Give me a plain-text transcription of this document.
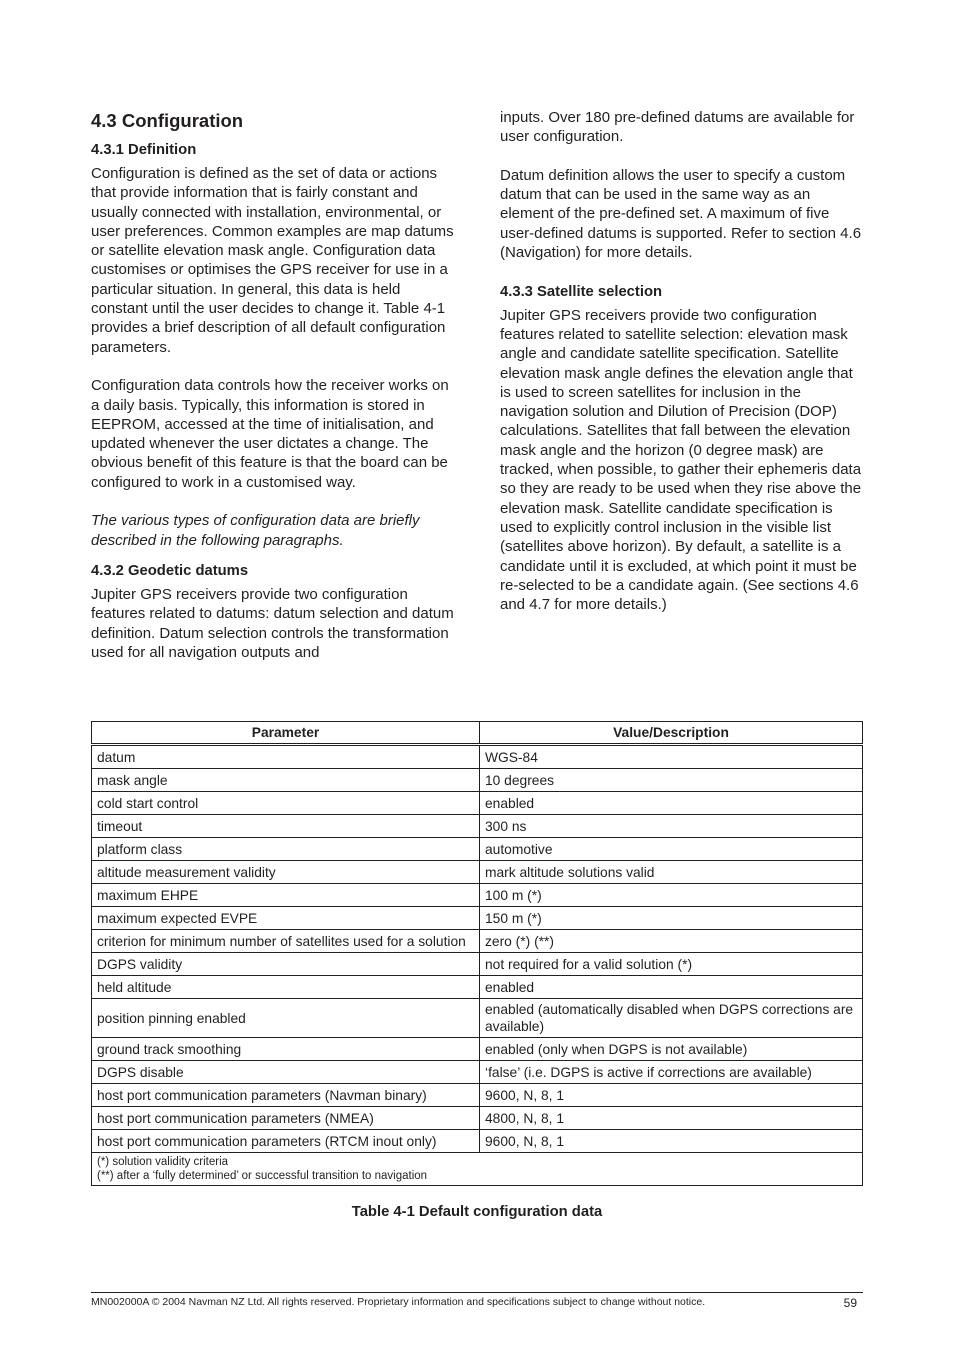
4.3 Configuration
4.3.1 Definition

Configuration is defined as the set of data or actions that provide information that is fairly constant and usually connected with installation, environmental, or user preferences. Common examples are map datums or satellite elevation mask angle. Configuration data customises or optimises the GPS receiver for use in a particular situation. In general, this data is held constant until the user decides to change it. Table 4-1 provides a brief description of all default configuration parameters.

Configuration data controls how the receiver works on a daily basis. Typically, this information is stored in EEPROM, accessed at the time of initialisation, and updated whenever the user dictates a change. The obvious benefit of this feature is that the board can be configured to work in a customised way.

The various types of configuration data are briefly described in the following paragraphs.

4.3.2 Geodetic datums

Jupiter GPS receivers provide two configuration features related to datums: datum selection and datum definition. Datum selection controls the transformation used for all navigation outputs and

inputs. Over 180 pre-defined datums are available for user configuration.

Datum definition allows the user to specify a custom datum that can be used in the same way as an element of the pre-defined set. A maximum of five user-defined datums is supported. Refer to section 4.6 (Navigation) for more details.

4.3.3 Satellite selection

Jupiter GPS receivers provide two configuration features related to satellite selection: elevation mask angle and candidate satellite specification. Satellite elevation mask angle defines the elevation angle that is used to screen satellites for inclusion in the navigation solution and Dilution of Precision (DOP) calculations. Satellites that fall between the elevation mask angle and the horizon (0 degree mask) are tracked, when possible, to gather their ephemeris data so they are ready to be used when they rise above the elevation mask. Satellite candidate specification is used to explicitly control inclusion in the visible list (satellites above horizon). By default, a satellite is a candidate until it is excluded, at which point it must be re-selected to be a candidate again. (See sections 4.6 and 4.7 for more details.)

Parameter	Value/Description
datum	WGS-84
mask angle	10 degrees
cold start control	enabled
timeout	300 ns
platform class	automotive
altitude measurement validity	mark altitude solutions valid
maximum EHPE	100 m (*)
maximum expected EVPE	150 m (*)
criterion for minimum number of satellites used for a solution	zero (*) (**)
DGPS validity	not required for a valid solution (*)
held altitude	enabled
position pinning enabled	enabled (automatically disabled when DGPS corrections are available)
ground track smoothing	enabled (only when DGPS is not available)
DGPS disable	‘false’ (i.e. DGPS is active if corrections are available)
host port communication parameters (Navman binary)	9600, N, 8, 1
host port communication parameters (NMEA)	4800, N, 8, 1
host port communication parameters (RTCM inout only)	9600, N, 8, 1

(*) solution validity criteria
(**) after a ‘fully determined’ or successful transition to navigation	
Table 4-1 Default configuration data
MN002000A © 2004 Navman NZ Ltd. All rights reserved. Proprietary information and specifications subject to change without notice.	59
